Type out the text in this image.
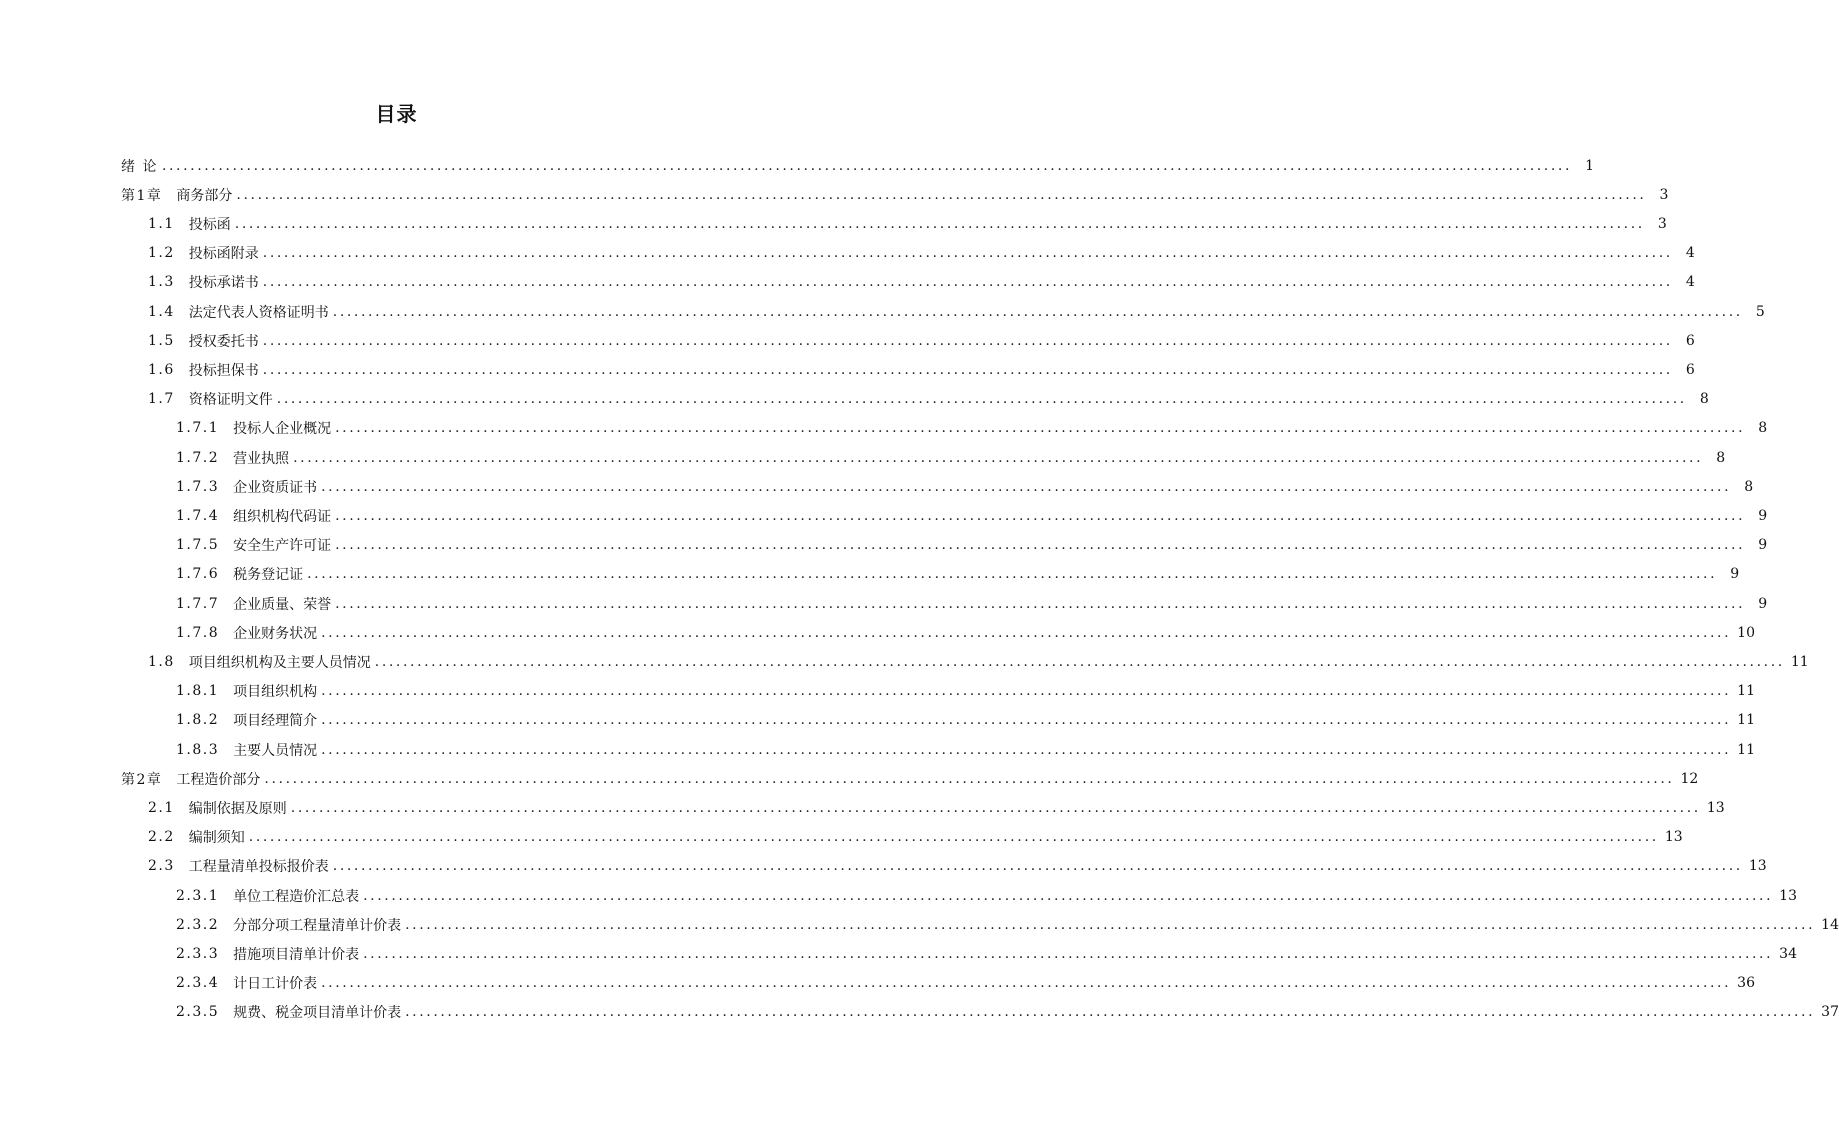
目录
绪 论 ........................................................................................................................................................................................................ 1
第1章 商务部分 ........................................................................................................................................................................................................ 3
1.1 投标函 ........................................................................................................................................................................................................ 3
1.2 投标函附录 ........................................................................................................................................................................................................ 4
1.3 投标承诺书 ........................................................................................................................................................................................................ 4
1.4 法定代表人资格证明书 ........................................................................................................................................................................................................ 5
1.5 授权委托书 ........................................................................................................................................................................................................ 6
1.6 投标担保书 ........................................................................................................................................................................................................ 6
1.7 资格证明文件 ........................................................................................................................................................................................................ 8
1.7.1 投标人企业概况 ........................................................................................................................................................................................................ 8
1.7.2 营业执照 ........................................................................................................................................................................................................ 8
1.7.3 企业资质证书 ........................................................................................................................................................................................................ 8
1.7.4 组织机构代码证 ........................................................................................................................................................................................................ 9
1.7.5 安全生产许可证 ........................................................................................................................................................................................................ 9
1.7.6 税务登记证 ........................................................................................................................................................................................................ 9
1.7.7 企业质量、荣誉 ........................................................................................................................................................................................................ 9
1.7.8 企业财务状况 ........................................................................................................................................................................................................ 10
1.8 项目组织机构及主要人员情况 ........................................................................................................................................................................................................ 11
1.8.1 项目组织机构 ........................................................................................................................................................................................................ 11
1.8.2 项目经理简介 ........................................................................................................................................................................................................ 11
1.8.3 主要人员情况 ........................................................................................................................................................................................................ 11
第2章 工程造价部分 ........................................................................................................................................................................................................ 12
2.1 编制依据及原则 ........................................................................................................................................................................................................ 13
2.2 编制须知 ........................................................................................................................................................................................................ 13
2.3 工程量清单投标报价表 ........................................................................................................................................................................................................ 13
2.3.1 单位工程造价汇总表 ........................................................................................................................................................................................................ 13
2.3.2 分部分项工程量清单计价表 ........................................................................................................................................................................................................ 14
2.3.3 措施项目清单计价表 ........................................................................................................................................................................................................ 34
2.3.4 计日工计价表 ........................................................................................................................................................................................................ 36
2.3.5 规费、税金项目清单计价表 ........................................................................................................................................................................................................ 37
